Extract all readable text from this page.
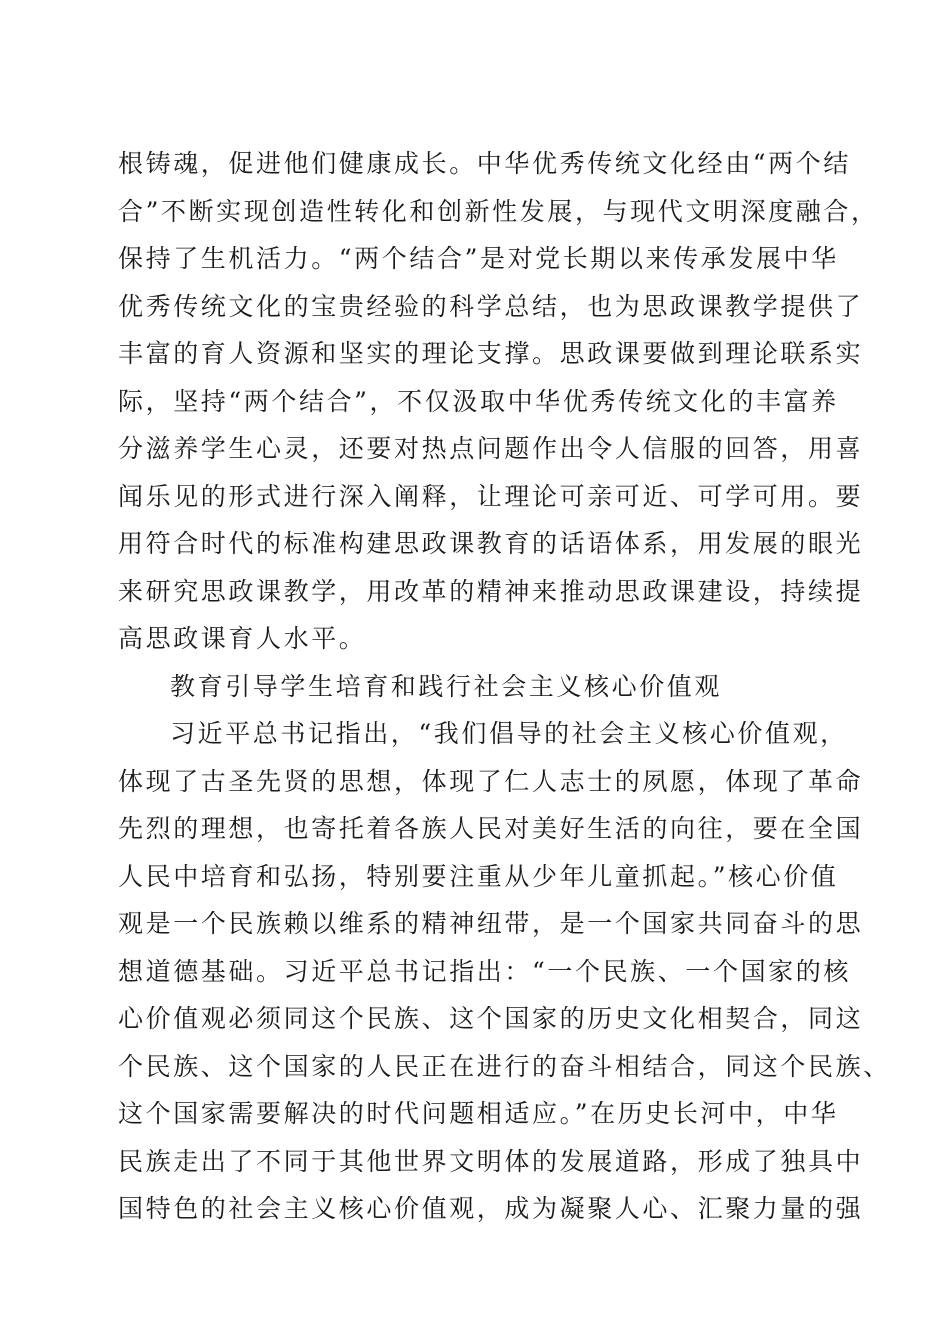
根铸魂，促进他们健康成长。中华优秀传统文化经由“两个结
合”不断实现创造性转化和创新性发展，与现代文明深度融合，
保持了生机活力。“两个结合”是对党长期以来传承发展中华
优秀传统文化的宝贵经验的科学总结，也为思政课教学提供了
丰富的育人资源和坚实的理论支撑。思政课要做到理论联系实
际，坚持“两个结合”，不仅汲取中华优秀传统文化的丰富养
分滋养学生心灵，还要对热点问题作出令人信服的回答，用喜
闻乐见的形式进行深入阐释，让理论可亲可近、可学可用。要
用符合时代的标准构建思政课教育的话语体系，用发展的眼光
来研究思政课教学，用改革的精神来推动思政课建设，持续提
高思政课育人水平。
教育引导学生培育和践行社会主义核心价值观
习近平总书记指出，“我们倡导的社会主义核心价值观，
体现了古圣先贤的思想，体现了仁人志士的夙愿，体现了革命
先烈的理想，也寄托着各族人民对美好生活的向往，要在全国
人民中培育和弘扬，特别要注重从少年儿童抓起。”核心价值
观是一个民族赖以维系的精神纽带，是一个国家共同奋斗的思
想道德基础。习近平总书记指出：“一个民族、一个国家的核
心价值观必须同这个民族、这个国家的历史文化相契合，同这
个民族、这个国家的人民正在进行的奋斗相结合，同这个民族、
这个国家需要解决的时代问题相适应。”在历史长河中，中华
民族走出了不同于其他世界文明体的发展道路，形成了独具中
国特色的社会主义核心价值观，成为凝聚人心、汇聚力量的强
